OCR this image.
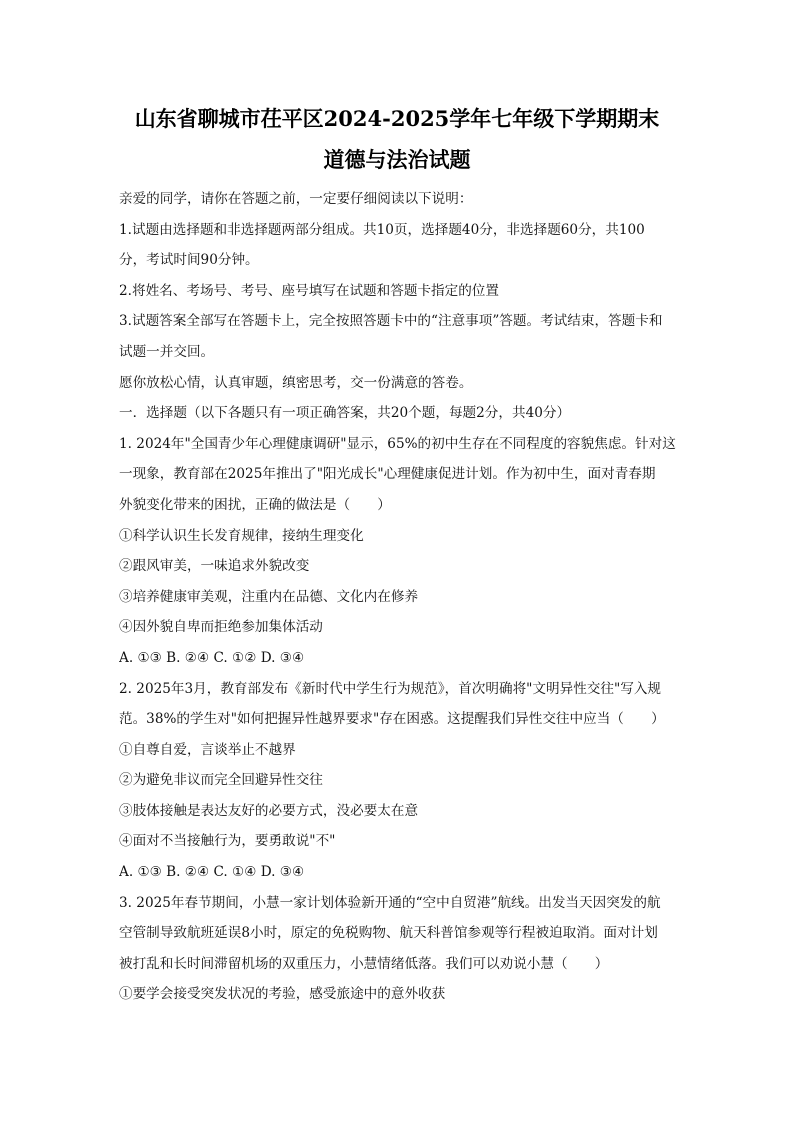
山东省聊城市茌平区2024-2025学年七年级下学期期末
道德与法治试题
亲爱的同学，请你在答题之前，一定要仔细阅读以下说明：
1.试题由选择题和非选择题两部分组成。共10页，选择题40分，非选择题60分，共100
分，考试时间90分钟。
2.将姓名、考场号、考号、座号填写在试题和答题卡指定的位置
3.试题答案全部写在答题卡上，完全按照答题卡中的“注意事项”答题。考试结束，答题卡和
试题一并交回。
愿你放松心情，认真审题，缜密思考，交一份满意的答卷。
一．选择题（以下各题只有一项正确答案，共20个题，每题2分，共40分）
1. 2024年"全国青少年心理健康调研"显示，65%的初中生存在不同程度的容貌焦虑。针对这
一现象，教育部在2025年推出了"阳光成长"心理健康促进计划。作为初中生，面对青春期
外貌变化带来的困扰，正确的做法是（　　）
①科学认识生长发育规律，接纳生理变化
②跟风审美，一味追求外貌改变
③培养健康审美观，注重内在品德、文化内在修养
④因外貌自卑而拒绝参加集体活动
A. ①③ B. ②④ C. ①② D. ③④
2. 2025年3月，教育部发布《新时代中学生行为规范》，首次明确将"文明异性交往"写入规
范。38%的学生对"如何把握异性越界要求"存在困惑。这提醒我们异性交往中应当（　　）
①自尊自爱，言谈举止不越界
②为避免非议而完全回避异性交往
③肢体接触是表达友好的必要方式，没必要太在意
④面对不当接触行为，要勇敢说"不"
A. ①③ B. ②④ C. ①④ D. ③④
3. 2025年春节期间，小慧一家计划体验新开通的“空中自贸港”航线。出发当天因突发的航
空管制导致航班延误8小时，原定的免税购物、航天科普馆参观等行程被迫取消。面对计划
被打乱和长时间滞留机场的双重压力，小慧情绪低落。我们可以劝说小慧（　　）
①要学会接受突发状况的考验，感受旅途中的意外收获
